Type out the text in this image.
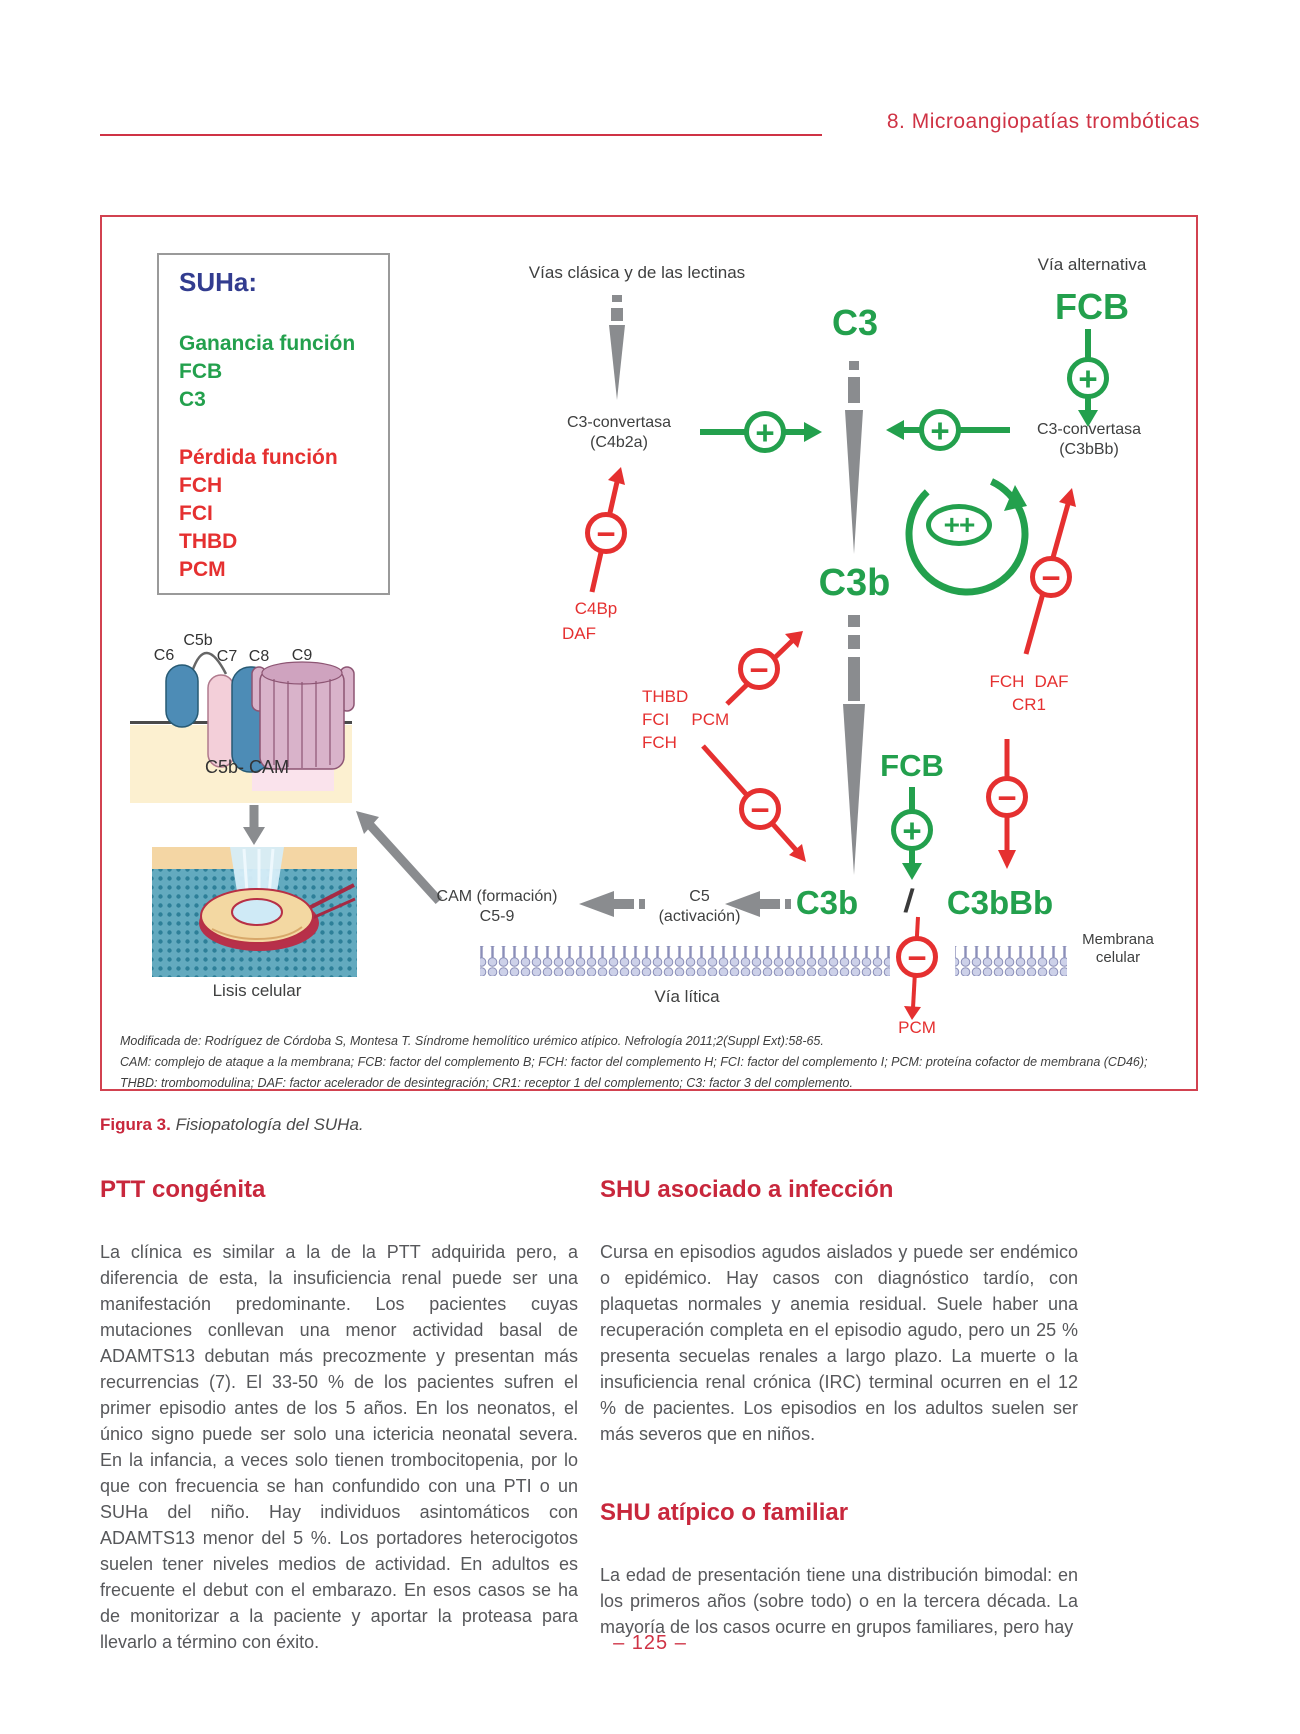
8. Microangiopatías trombóticas

SUHa:

Ganancia función

FCB
C3

Pérdida función

FCH
FCI
THBD
PCM
Vías clásica y de las lectinas	Vía alternativa
FCB
C3
C3-convertasa
(C4b2a)
C3-convertasa
(C3bBb)
C3b
C4Bp
DAF
THBD
FCI PCM
FCH
FCH DAF
CR1
FCB
C5b- CAM
C6
C5b
C7 C8	C9
CAM (formación)
C5-9
C5
(activación)	C3b / C3bBb
Membrana
celular
PCM
Vía lítica
Lisis celular
+	+
+
+
++
−
−
−
−
−
−

Modificada de: Rodríguez de Córdoba S, Montesa T. Síndrome hemolítico urémico atípico. Nefrología 2011;2(Suppl Ext):58-65.

CAM: complejo de ataque a la membrana; FCB: factor del complemento B; FCH: factor del complemento H; FCI: factor del complemento I; PCM: proteína cofactor de membrana (CD46);

THBD: trombomodulina; DAF: factor acelerador de desintegración; CR1: receptor 1 del complemento; C3: factor 3 del complemento.

Figura 3. Fisiopatología del SUHa.
PTT congénita

La clínica es similar a la de la PTT adquirida pero, a diferencia de esta, la insuficiencia renal puede ser una manifestación predominante. Los pacientes cuyas mutaciones conllevan una menor actividad basal de ADAMTS13 debutan más precozmente y presentan más recurrencias (7). El 33-50 % de los pacientes sufren el primer episodio antes de los 5 años. En los neonatos, el único signo puede ser solo una ictericia neonatal severa. En la infancia, a veces solo tienen trombocitopenia, por lo que con frecuencia se han confundido con una PTI o un SUHa del niño. Hay individuos asintomáticos con ADAMTS13 menor del 5 %. Los portadores heterocigotos suelen tener niveles medios de actividad. En adultos es frecuente el debut con el embarazo. En esos casos se ha de monitorizar a la paciente y aportar la proteasa para llevarlo a término con éxito.

SHU asociado a infección

Cursa en episodios agudos aislados y puede ser endémico o epidémico. Hay casos con diagnóstico tardío, con plaquetas normales y anemia residual. Suele haber una recuperación completa en el episodio agudo, pero un 25 % presenta secuelas renales a largo plazo. La muerte o la insuficiencia renal crónica (IRC) terminal ocurren en el 12 % de pacientes. Los episodios en los adultos suelen ser más severos que en niños.

SHU atípico o familiar

La edad de presentación tiene una distribución bimodal: en los primeros años (sobre todo) o en la tercera década. La mayoría de los casos ocurre en grupos familiares, pero hay

– 125 –
